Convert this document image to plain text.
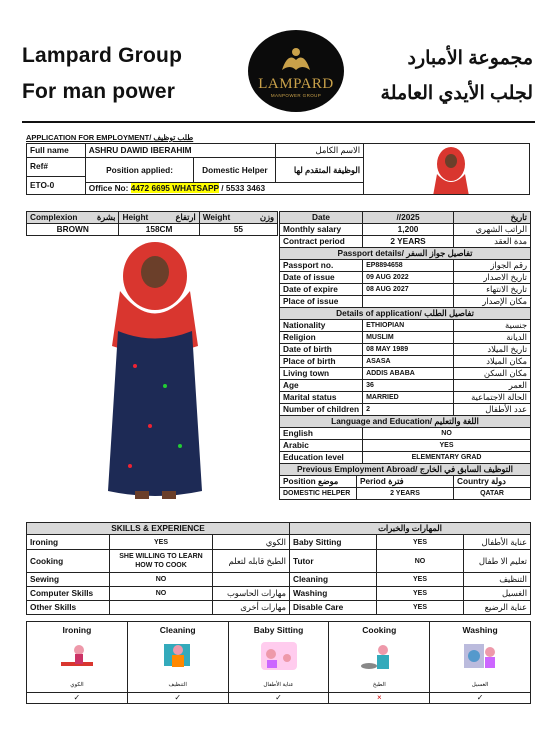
Lampard Group
For man power	LAMPARD
MANPOWER GROUP
مجموعة الأمبارد
لجلب الأيدي العاملة
APPLICATION FOR EMPLOYMENT/ طلب توظيف
Full name	ASHRU DAWID IBERAHIM		الاسم الكامل	

Ref#	Position applied:	Domestic Helper	الوظيفة المتقدم لها	
ETO-0				
	Office No: 4472 6695 WHATSAPP / 5533 3463			
Complexion بشرة	Height ارتفاع	Weight وزن

BROWN	158CM	55
Date		//2025	تاريخ
Monthly salary		1,200	الراتب الشهري
Contract period		2 YEARS	مدة العقد
Passport details/ تفاصيل جواز السفر			
Passport no.		EP8894658	رقم الجواز
Date of issue		09 AUG 2022	تاريخ الاصدار
Date of expire		08 AUG 2027	تاريخ الانتهاء
Place of issue			مكان الإصدار
Details of application/ تفاصيل الطلب			
Nationality		ETHIOPIAN	جنسية
Religion		MUSLIM	الديانة
Date of birth		08 MAY 1989	تاريخ الميلاد
Place of birth		ASASA	مكان الميلاد
Living town		ADDIS ABABA	مكان السكن
Age		36	العمر
Marital status		MARRIED	الحالة الاجتماعية
Number of children		2	عدد الأطفال
Language and Education/ اللغة والتعليم			
English		NO	
Arabic		YES	
Education level		ELEMENTARY GRAD	
Previous Employment Abroad/ التوظيف السابق في الخارج			
Position موضع	Period فترة		Country دولة
DOMESTIC HELPER	2 YEARS		QATAR
SKILLS & EXPERIENCE			المهارات والخبرات		
Ironing	YES	الكوي	Baby Sitting	YES	عناية الأطفال
Cooking	SHE WILLING TO LEARN HOW TO COOK	الطبخ قابله لتعلم	Tutor	NO	تعليم الا طفال
Sewing	NO		Cleaning	YES	التنظيف
Computer Skills	NO	مهارات الحاسوب	Washing	YES	الغسيل
Other Skills		مهارات أخرى	Disable Care	YES	عناية الرضيع
Ironing
الكوي
✓
Cleaning
التنظيف
✓
Baby Sitting
عناية الأطفال
✓
Cooking
الطبخ
×
Washing
الغسيل
✓
